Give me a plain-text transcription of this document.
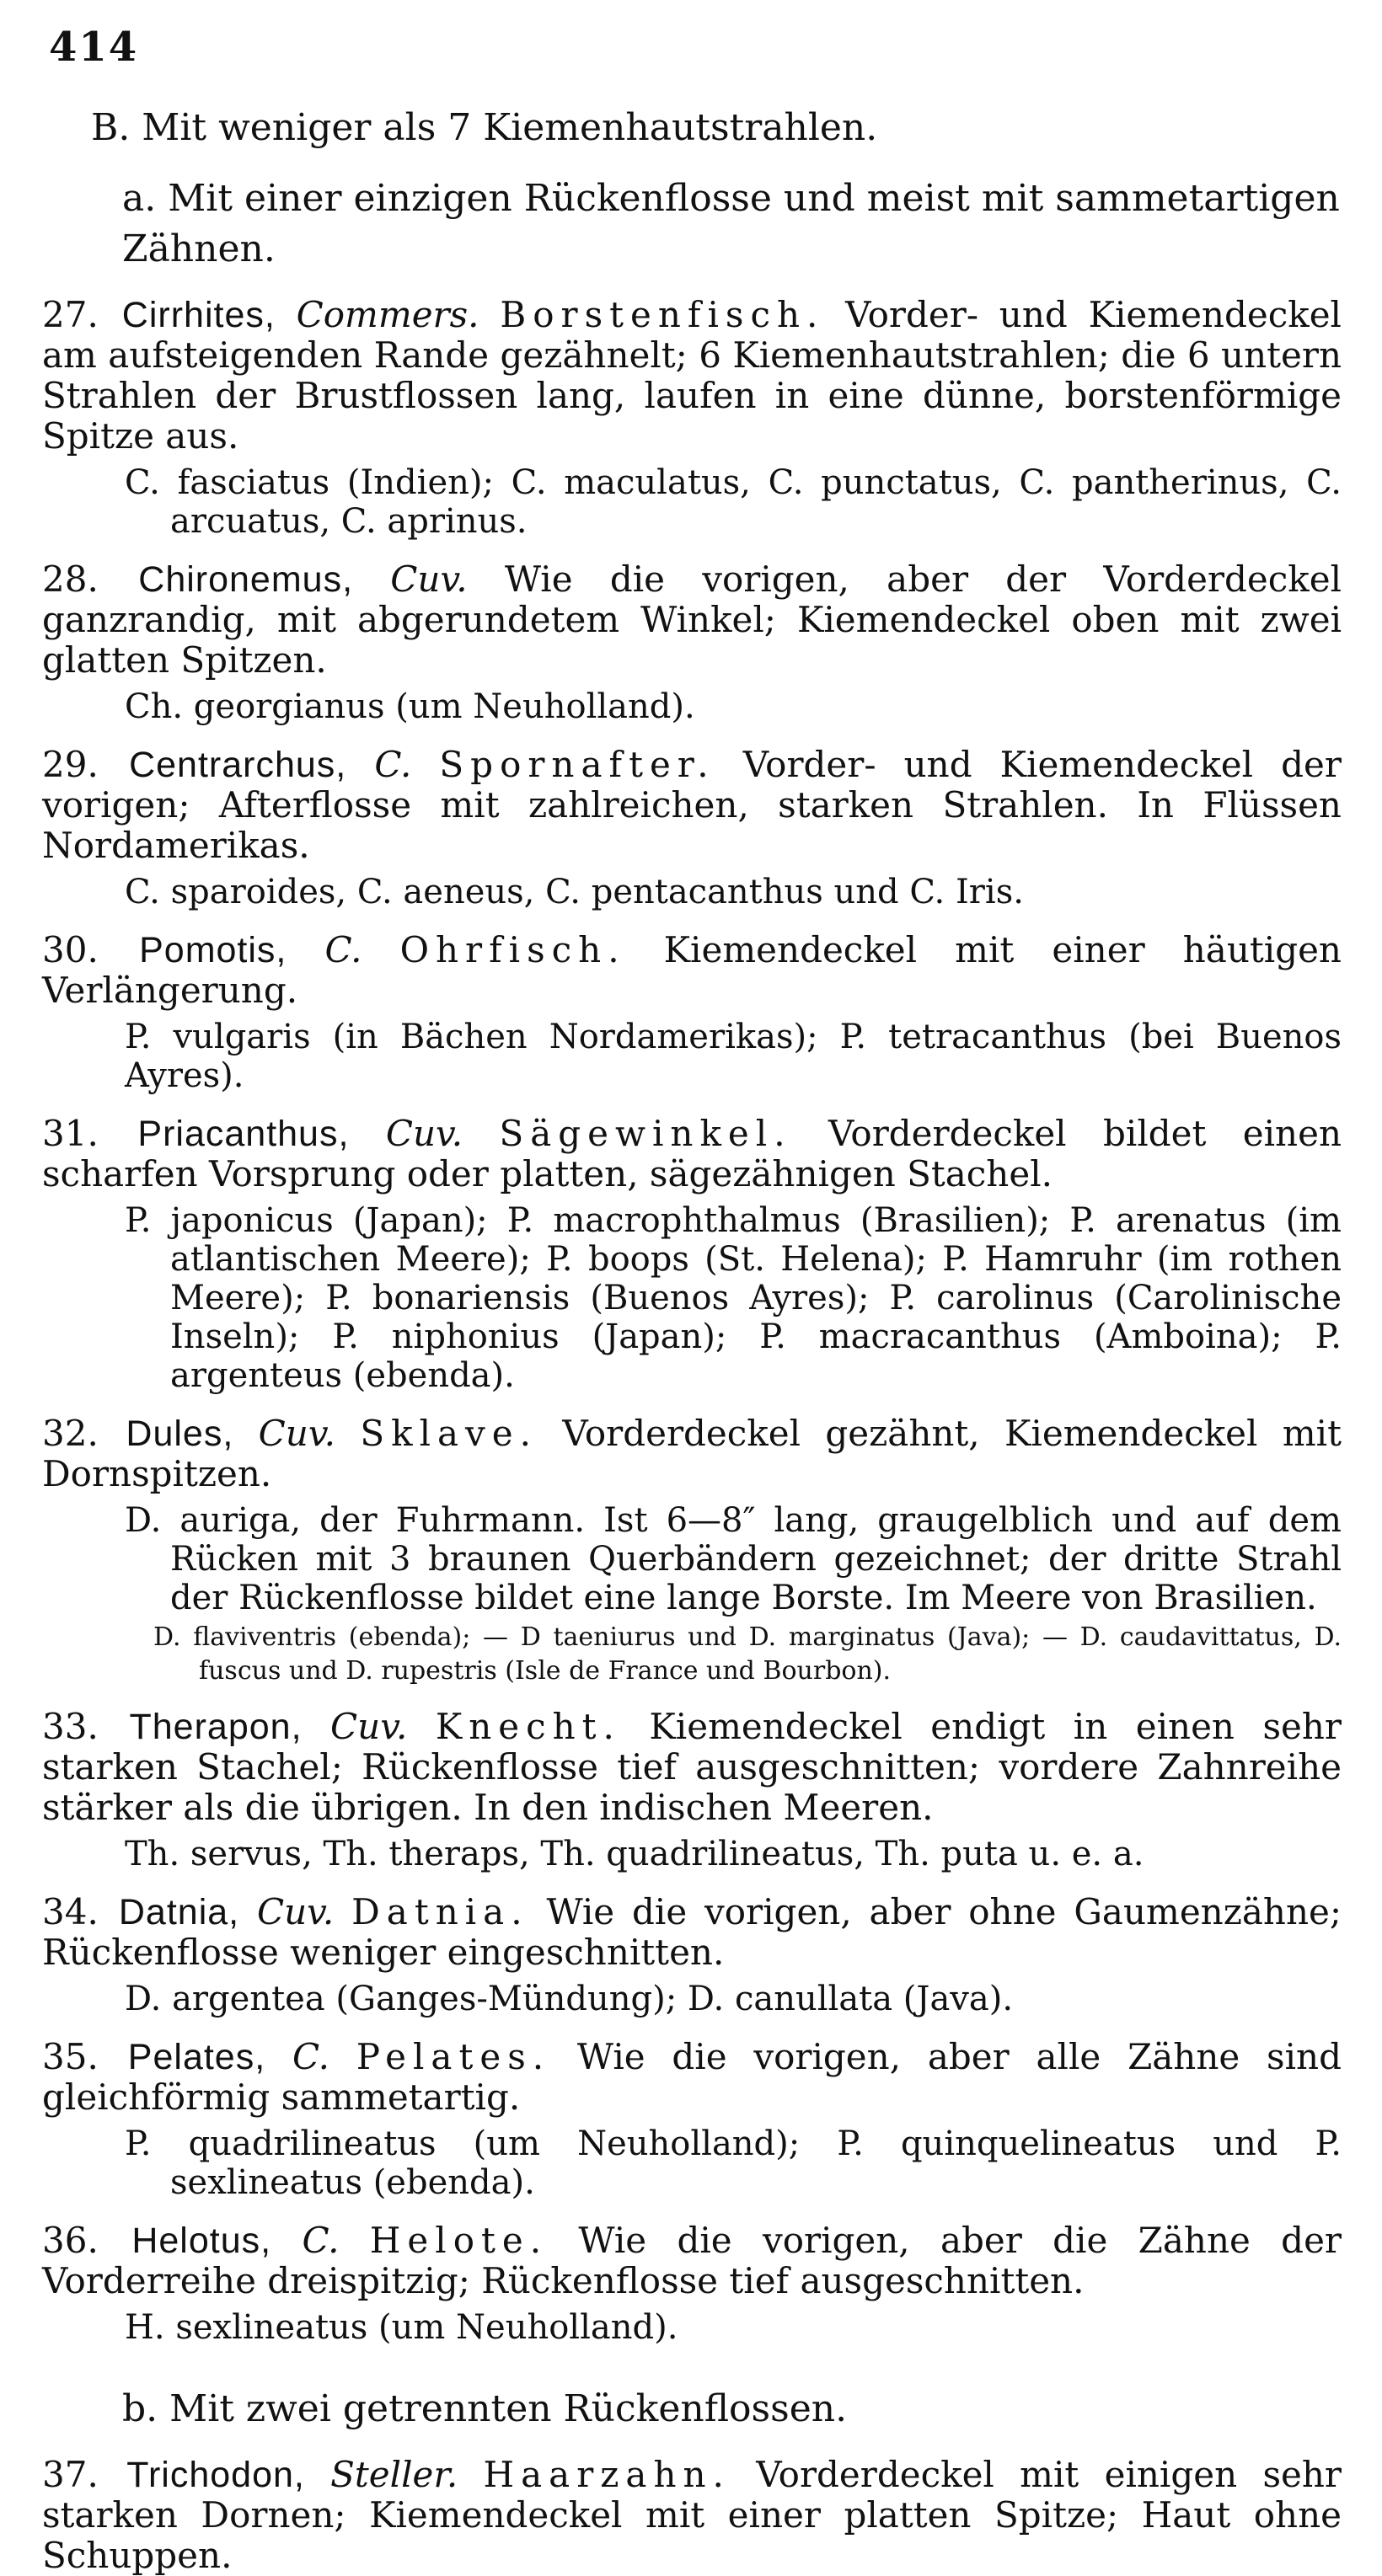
414
B. Mit weniger als 7 Kiemenhautstrahlen.
a. Mit einer einzigen Rückenflosse und meist mit sammetartigen Zähnen.
27. Cirrhites, Commers. Borstenfisch. Vorder- und Kiemendeckel am aufsteigenden Rande gezähnelt; 6 Kiemenhautstrahlen; die 6 untern Strahlen der Brustflossen lang, laufen in eine dünne, borstenförmige Spitze aus.
C. fasciatus (Indien); C. maculatus, C. punctatus, C. pantherinus, C. arcuatus, C. aprinus.
28. Chironemus, Cuv. Wie die vorigen, aber der Vorderdeckel ganzrandig, mit abgerundetem Winkel; Kiemendeckel oben mit zwei glatten Spitzen.
Ch. georgianus (um Neuholland).
29. Centrarchus, C. Spornafter. Vorder- und Kiemendeckel der vorigen; Afterflosse mit zahlreichen, starken Strahlen. In Flüssen Nordamerikas.
C. sparoides, C. aeneus, C. pentacanthus und C. Iris.
30. Pomotis, C. Ohrfisch. Kiemendeckel mit einer häutigen Verlängerung.
P. vulgaris (in Bächen Nordamerikas); P. tetracanthus (bei Buenos Ayres).
31. Priacanthus, Cuv. Sägewinkel. Vorderdeckel bildet einen scharfen Vorsprung oder platten, sägezähnigen Stachel.
P. japonicus (Japan); P. macrophthalmus (Brasilien); P. arenatus (im atlantischen Meere); P. boops (St. Helena); P. Hamruhr (im rothen Meere); P. bonariensis (Buenos Ayres); P. carolinus (Carolinische Inseln); P. niphonius (Japan); P. macracanthus (Amboina); P. argenteus (ebenda).
32. Dules, Cuv. Sklave. Vorderdeckel gezähnt, Kiemendeckel mit Dornspitzen.
D. auriga, der Fuhrmann. Ist 6—8″ lang, graugelblich und auf dem Rücken mit 3 braunen Querbändern gezeichnet; der dritte Strahl der Rückenflosse bildet eine lange Borste. Im Meere von Brasilien.
D. flaviventris (ebenda); — D taeniurus und D. marginatus (Java); — D. caudavittatus, D. fuscus und D. rupestris (Isle de France und Bourbon).
33. Therapon, Cuv. Knecht. Kiemendeckel endigt in einen sehr starken Stachel; Rückenflosse tief ausgeschnitten; vordere Zahnreihe stärker als die übrigen. In den indischen Meeren.
Th. servus, Th. theraps, Th. quadrilineatus, Th. puta u. e. a.
34. Datnia, Cuv. Datnia. Wie die vorigen, aber ohne Gaumenzähne; Rückenflosse weniger eingeschnitten.
D. argentea (Ganges-Mündung); D. canullata (Java).
35. Pelates, C. Pelates. Wie die vorigen, aber alle Zähne sind gleichförmig sammetartig.
P. quadrilineatus (um Neuholland); P. quinquelineatus und P. sexlineatus (ebenda).
36. Helotus, C. Helote. Wie die vorigen, aber die Zähne der Vorderreihe dreispitzig; Rückenflosse tief ausgeschnitten.
H. sexlineatus (um Neuholland).
b. Mit zwei getrennten Rückenflossen.
37. Trichodon, Steller. Haarzahn. Vorderdeckel mit einigen sehr starken Dornen; Kiemendeckel mit einer platten Spitze; Haut ohne Schuppen.
